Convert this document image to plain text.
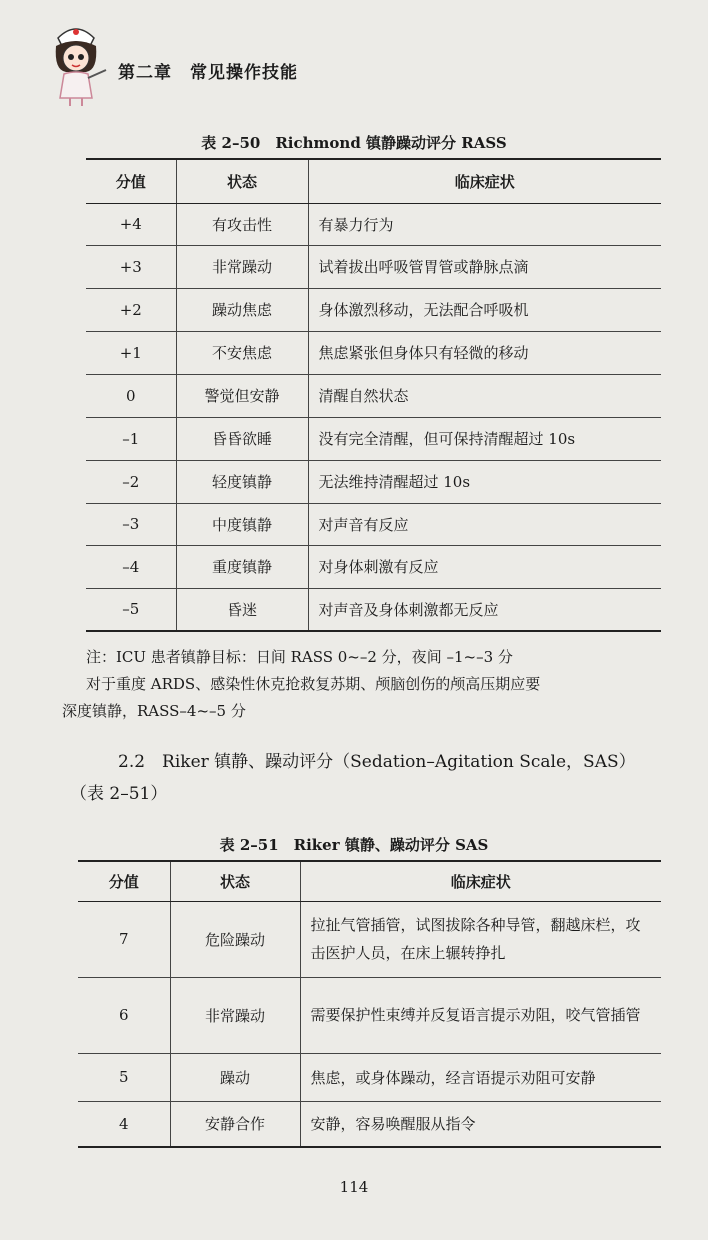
第二章　常见操作技能
表 2–50　Richmond 镇静躁动评分 RASS
分值	状态	临床症状
+4	有攻击性	有暴力行为
+3	非常躁动	试着拔出呼吸管胃管或静脉点滴
+2	躁动焦虑	身体激烈移动，无法配合呼吸机
+1	不安焦虑	焦虑紧张但身体只有轻微的移动
0	警觉但安静	清醒自然状态
–1	昏昏欲睡	没有完全清醒，但可保持清醒超过 10s
–2	轻度镇静	无法维持清醒超过 10s
–3	中度镇静	对声音有反应
–4	重度镇静	对身体刺激有反应
–5	昏迷	对声音及身体刺激都无反应
注：ICU 患者镇静目标：日间 RASS 0~–2 分，夜间 –1~–3 分
对于重度 ARDS、感染性休克抢救复苏期、颅脑创伤的颅高压期应要
深度镇静，RASS–4~–5 分
2.2　Riker 镇静、躁动评分（Sedation–Agitation Scale，SAS）
（表 2–51）
表 2–51　Riker 镇静、躁动评分 SAS
分值	状态	临床症状
7	危险躁动	拉扯气管插管，试图拔除各种导管，翻越床栏，攻击医护人员，在床上辗转挣扎
6	非常躁动	需要保护性束缚并反复语言提示劝阻，咬气管插管
5	躁动	焦虑，或身体躁动，经言语提示劝阻可安静
4	安静合作	安静，容易唤醒服从指令
114
